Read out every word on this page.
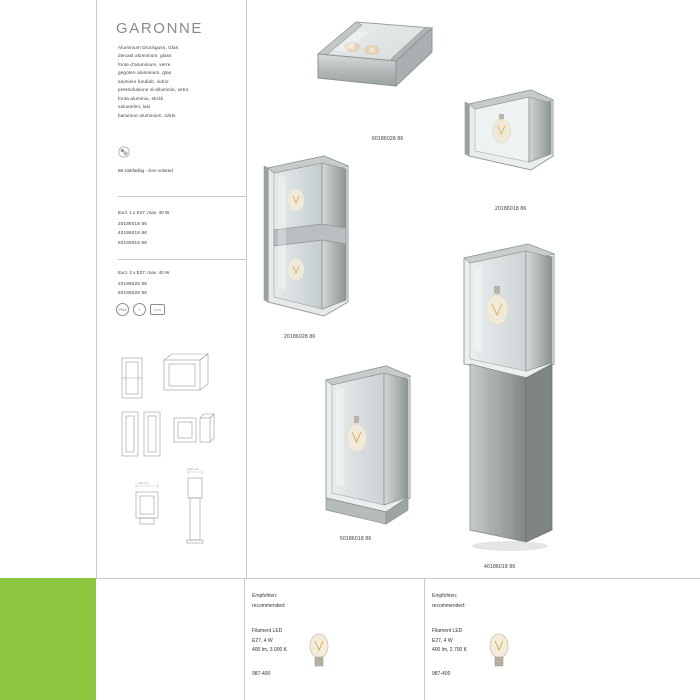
GARONNE
Aluminium Druckguss, Glas
diecast aluminium, glass
fonte d'aluminium, verre
gegoten aluminium, glas
aluminio fundido, vidrio
pressofusione di alluminio, vetro
fonta aluminiu, sticlă
valuainlmi, lasi
barwione aluminium, szkło
86 zinkfarbig - zinc-colored
Excl. 1 x E27, max. 40 W
20186018 86
40186018 86
50186018 86
Excl. 2 x E27, max. 40 W
20186028 86
60186028 86
IP44	I	▭▭
140 mm
100 mm
60186028 86
20186018 86
20186028 86
50186018 86
40186018 86
Empfohlen:
recommended:
Filament LED
E27, 4 W
400 lm, 3.000 K
987-400
Empfohlen:
recommended:
Filament LED
E27, 4 W
400 lm, 2.700 K
987-400
